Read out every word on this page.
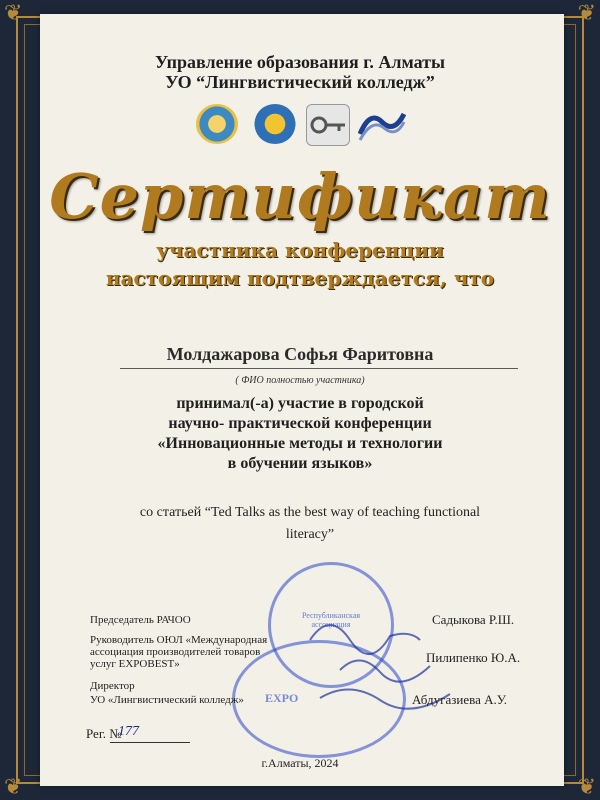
❦	❦
❦	❦
Управление образования г. Алматы
УО “Лингвистический колледж”
Сертификат
участника конференции
настоящим подтверждается, что
Молдажарова Софья Фаритовна
( ФИО полностью участника)
принимал(-а) участие в городской
научно- практической конференции
«Инновационные методы и технологии
в обучении языков»
со статьей “Ted Talks as the best way of teaching functional
literacy”
Республиканская ассоциация
EXPO
Председатель РАЧОО	Садыкова Р.Ш.
Руководитель ОЮЛ «Международная
ассоциация производителей товаров
услуг EXPOBEST»	Пилипенко Ю.А.
Директор
УО «Лингвистический колледж»	Абдугазиева А.У.
Рег. №
177
г.Алматы, 2024
